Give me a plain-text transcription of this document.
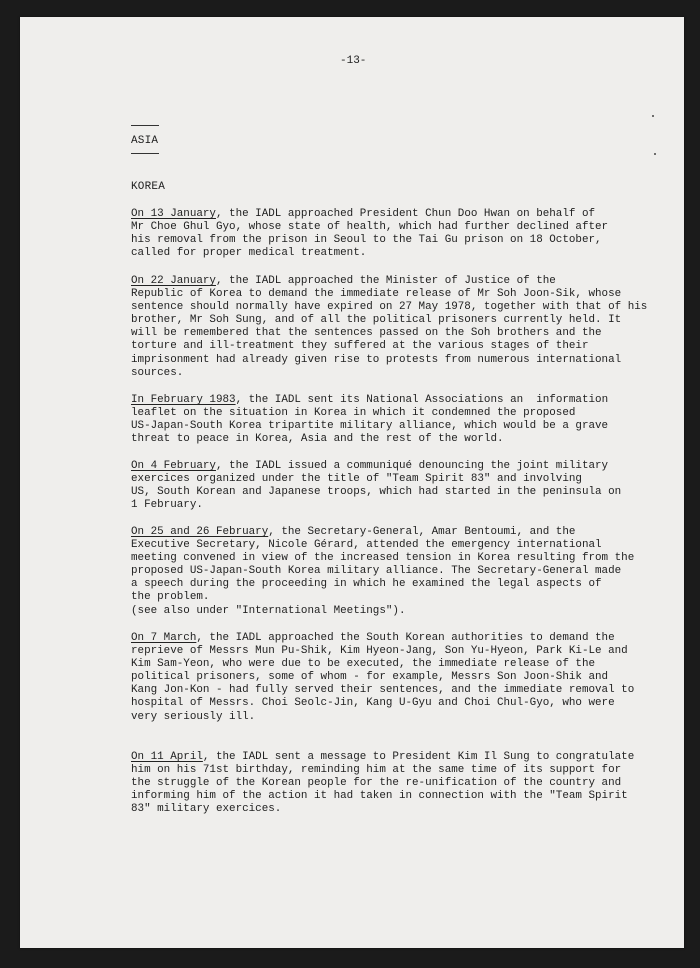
-13-
ASIA
KOREA
On 13 January, the IADL approached President Chun Doo Hwan on behalf of
Mr Choe Ghul Gyo, whose state of health, which had further declined after
his removal from the prison in Seoul to the Tai Gu prison on 18 October,
called for proper medical treatment.
On 22 January, the IADL approached the Minister of Justice of the
Republic of Korea to demand the immediate release of Mr Soh Joon-Sik, whose
sentence should normally have expired on 27 May 1978, together with that of his
brother, Mr Soh Sung, and of all the political prisoners currently held. It
will be remembered that the sentences passed on the Soh brothers and the
torture and ill-treatment they suffered at the various stages of their
imprisonment had already given rise to protests from numerous international
sources.
In February 1983, the IADL sent its National Associations an  information
leaflet on the situation in Korea in which it condemned the proposed
US-Japan-South Korea tripartite military alliance, which would be a grave
threat to peace in Korea, Asia and the rest of the world.
On 4 February, the IADL issued a communiqué denouncing the joint military
exercices organized under the title of "Team Spirit 83" and involving
US, South Korean and Japanese troops, which had started in the peninsula on
1 February.
On 25 and 26 February, the Secretary-General, Amar Bentoumi, and the
Executive Secretary, Nicole Gérard, attended the emergency international
meeting convened in view of the increased tension in Korea resulting from the
proposed US-Japan-South Korea military alliance. The Secretary-General made
a speech during the proceeding in which he examined the legal aspects of
the problem.
(see also under "International Meetings").
On 7 March, the IADL approached the South Korean authorities to demand the
reprieve of Messrs Mun Pu-Shik, Kim Hyeon-Jang, Son Yu-Hyeon, Park Ki-Le and
Kim Sam-Yeon, who were due to be executed, the immediate release of the
political prisoners, some of whom - for example, Messrs Son Joon-Shik and
Kang Jon-Kon - had fully served their sentences, and the immediate removal to
hospital of Messrs. Choi Seolc-Jin, Kang U-Gyu and Choi Chul-Gyo, who were
very seriously ill.
On 11 April, the IADL sent a message to President Kim Il Sung to congratulate
him on his 71st birthday, reminding him at the same time of its support for
the struggle of the Korean people for the re-unification of the country and
informing him of the action it had taken in connection with the "Team Spirit
83" military exercices.
